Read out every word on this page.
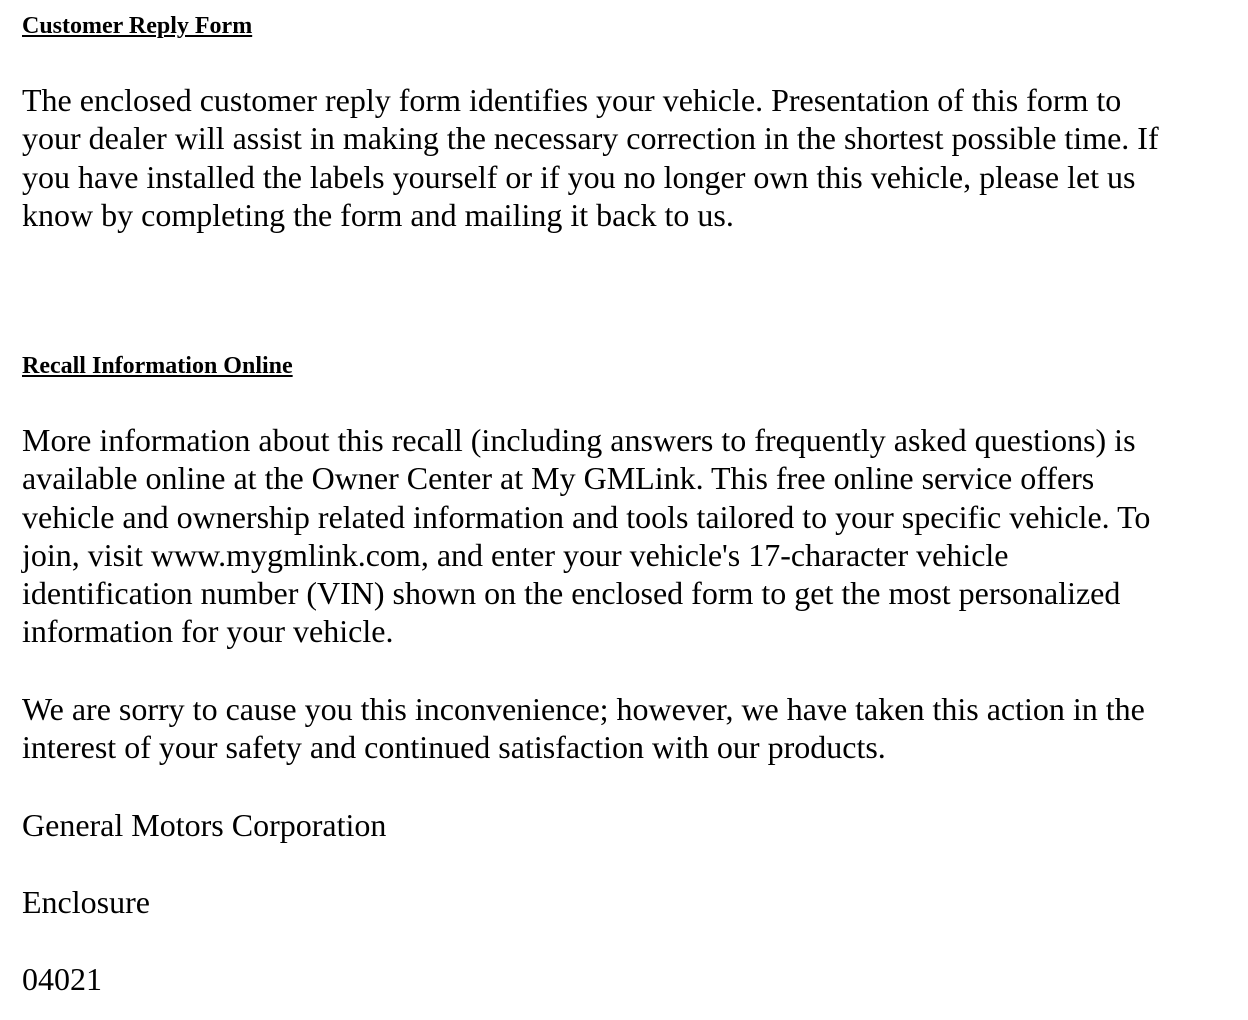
Customer Reply Form

The enclosed customer reply form identifies your vehicle. Presentation of this form to
your dealer will assist in making the necessary correction in the shortest possible time. If
you have installed the labels yourself or if you no longer own this vehicle, please let us
know by completing the form and mailing it back to us.

Recall Information Online

More information about this recall (including answers to frequently asked questions) is
available online at the Owner Center at My GMLink. This free online service offers
vehicle and ownership related information and tools tailored to your specific vehicle. To
join, visit www.mygmlink.com, and enter your vehicle's 17-character vehicle
identification number (VIN) shown on the enclosed form to get the most personalized
information for your vehicle.

We are sorry to cause you this inconvenience; however, we have taken this action in the
interest of your safety and continued satisfaction with our products.

General Motors Corporation
Enclosure
04021
